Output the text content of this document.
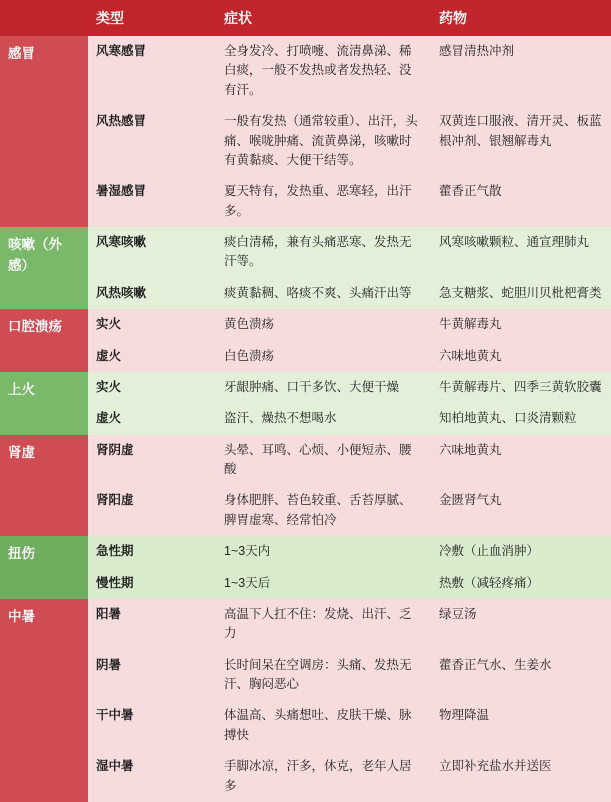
	类型	症状	药物
感冒	风寒感冒	全身发冷、打喷嚏、流清鼻涕、稀白痰，一般不发热或者发热轻、没有汗。	感冒清热冲剂
	风热感冒	一般有发热（通常较重）、出汗，头痛、喉咙肿痛、流黄鼻涕，咳嗽时有黄黏痰、大便干结等。	双黄连口服液、清开灵、板蓝根冲剂、银翘解毒丸
	暑湿感冒	夏天特有，发热重、恶寒轻，出汗多。	藿香正气散
咳嗽（外感）	风寒咳嗽	痰白清稀，兼有头痛恶寒、发热无汗等。	风寒咳嗽颗粒、通宣理肺丸
	风热咳嗽	痰黄黏稠、咯痰不爽、头痛汗出等	急支糖浆、蛇胆川贝枇杷膏类
口腔溃疡	实火	黄色溃疡	牛黄解毒丸
	虚火	白色溃疡	六味地黄丸
上火	实火	牙龈肿痛、口干多饮、大便干燥	牛黄解毒片、四季三黄软胶囊
	虚火	盗汗、燥热不想喝水	知柏地黄丸、口炎清颗粒
肾虚	肾阴虚	头晕、耳鸣、心烦、小便短赤、腰酸	六味地黄丸
	肾阳虚	身体肥胖、苔色较重、舌苔厚腻、脾胃虚寒、经常怕冷	金匮肾气丸
扭伤	急性期	1~3天内	冷敷（止血消肿）
	慢性期	1~3天后	热敷（减轻疼痛）
中暑	阳暑	高温下人扛不住：发烧、出汗、乏力	绿豆汤
	阴暑	长时间呆在空调房：头痛、发热无汗、胸闷恶心	藿香正气水、生姜水
	干中暑	体温高、头痛想吐、皮肤干燥、脉搏快	物理降温
	湿中暑	手脚冰凉，汗多，休克，老年人居多	立即补充盐水并送医
